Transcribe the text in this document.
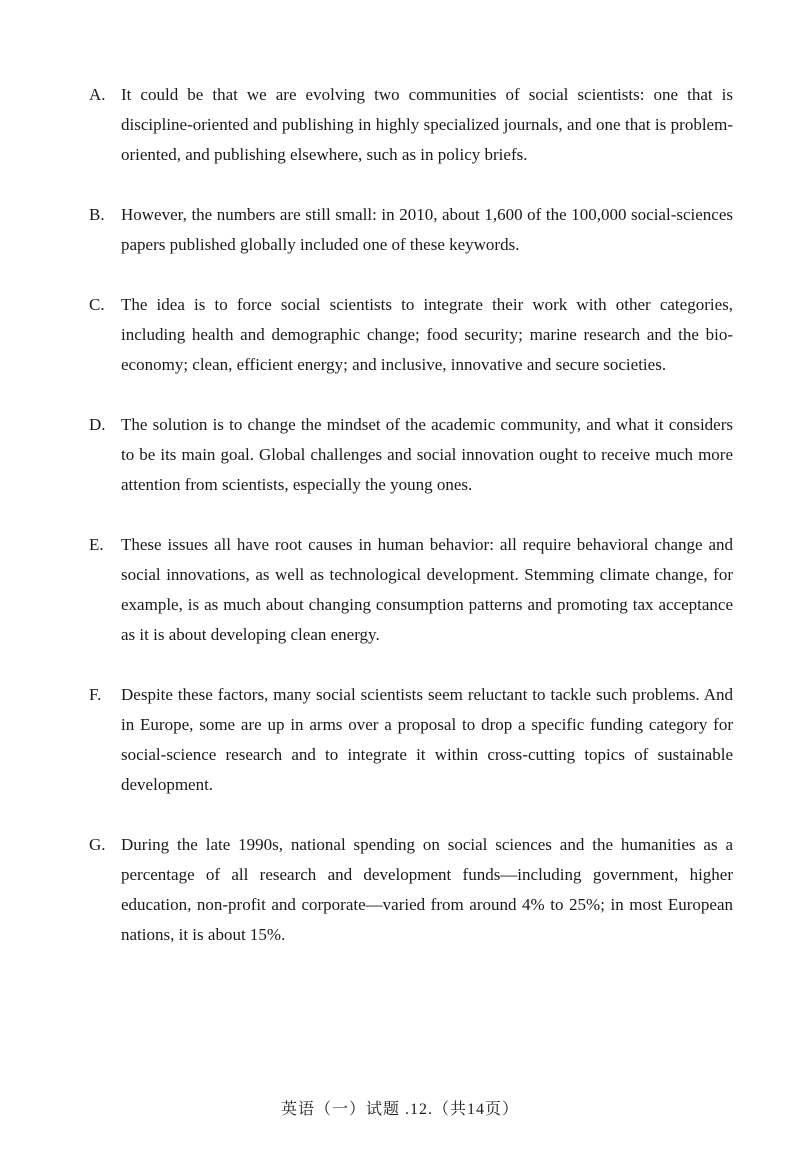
A. It could be that we are evolving two communities of social scientists: one that is discipline-oriented and publishing in highly specialized journals, and one that is problem-oriented, and publishing elsewhere, such as in policy briefs.
B. However, the numbers are still small: in 2010, about 1,600 of the 100,000 social-sciences papers published globally included one of these keywords.
C. The idea is to force social scientists to integrate their work with other categories, including health and demographic change; food security; marine research and the bio-economy; clean, efficient energy; and inclusive, innovative and secure societies.
D. The solution is to change the mindset of the academic community, and what it considers to be its main goal. Global challenges and social innovation ought to receive much more attention from scientists, especially the young ones.
E.	These issues all have root causes in human behavior: all require behavioral change and social innovations, as well as technological development. Stemming climate change, for example, is as much about changing consumption patterns and promoting tax acceptance as it is about developing clean energy.
F.	Despite these factors, many social scientists seem reluctant to tackle such problems. And in Europe, some are up in arms over a proposal to drop a specific funding category for social-science research and to integrate it within cross-cutting topics of sustainable development.
G. During the late 1990s, national spending on social sciences and the humanities as a percentage of all research and development funds—including government, higher education, non-profit and corporate—varied from around 4% to 25%; in most European nations, it is about 15%.
英语（一）试题 .12.（共14页）
